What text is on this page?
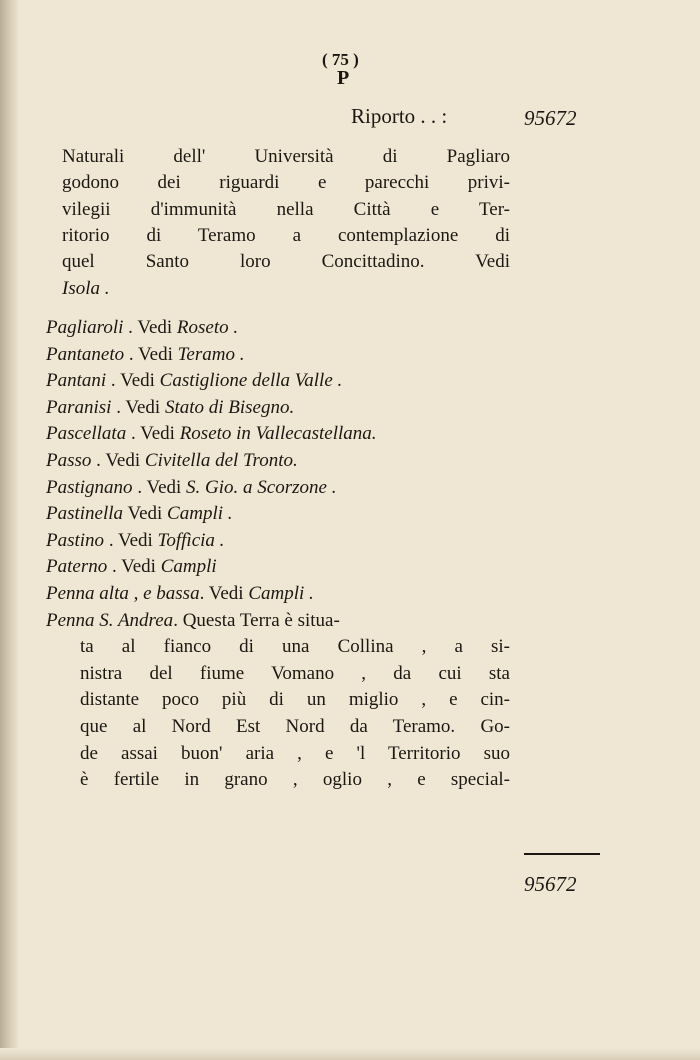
( 75 )
P
Riporto . . :	95672
Naturali dell' Università di Pagliaro
godono dei riguardi e parecchi privi-
vilegii d'immunità nella Città e Ter-
ritorio di Teramo a contemplazione di
quel Santo loro Concittadino. Vedi
Isola .
Pagliaroli . Vedi Roseto .
Pantaneto . Vedi Teramo .
Pantani . Vedi Castiglione della Valle .
Paranisi . Vedi Stato di Bisegno.
Pascellata . Vedi Roseto in Vallecastellana.
Passo . Vedi Civitella del Tronto.
Pastignano . Vedi S. Gio. a Scorzone .
Pastinella Vedi Campli .
Pastino . Vedi Toffìcia .
Paterno . Vedi Campli
Penna alta , e bassa. Vedi Campli .
Penna S. Andrea. Questa Terra è situa-
ta al fianco di una Collina , a si-
nistra del fiume Vomano , da cui sta
distante poco più di un miglio , e cin-
que al Nord Est Nord da Teramo. Go-
de assai buon' aria , e 'l Territorio suo
è fertile in grano , oglio , e special-
95672
